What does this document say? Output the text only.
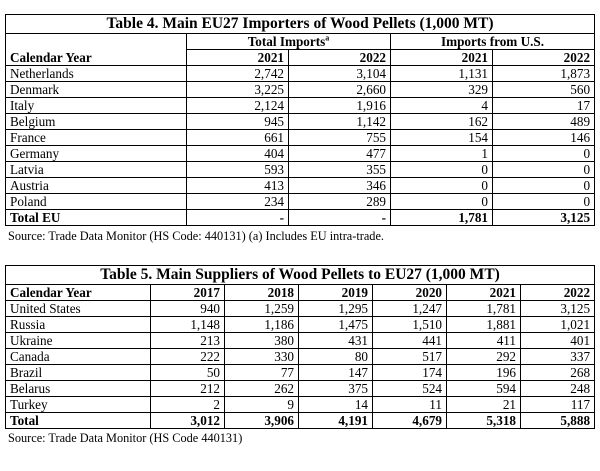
Table 4. Main EU27 Importers of Wood Pellets (1,000 MT)				
	Total Imports$^a$		Imports from U.S.	
Calendar Year	2021	2022	2021	2022
Netherlands	2,742	3,104	1,131	1,873
Denmark	3,225	2,660	329	560
Italy	2,124	1,916	4	17
Belgium	945	1,142	162	489
France	661	755	154	146
Germany	404	477	1	0
Latvia	593	355	0	0
Austria	413	346	0	0
Poland	234	289	0	0
Total EU	-	-	1,781	3,125
Source: Trade Data Monitor (HS Code: 440131) (a) Includes EU intra-trade.
Table 5. Main Suppliers of Wood Pellets to EU27 (1,000 MT)						
Calendar Year	2017	2018	2019	2020	2021	2022
United States	940	1,259	1,295	1,247	1,781	3,125
Russia	1,148	1,186	1,475	1,510	1,881	1,021
Ukraine	213	380	431	441	411	401
Canada	222	330	80	517	292	337
Brazil	50	77	147	174	196	268
Belarus	212	262	375	524	594	248
Turkey	2	9	14	11	21	117
Total	3,012	3,906	4,191	4,679	5,318	5,888
Source: Trade Data Monitor (HS Code 440131)
